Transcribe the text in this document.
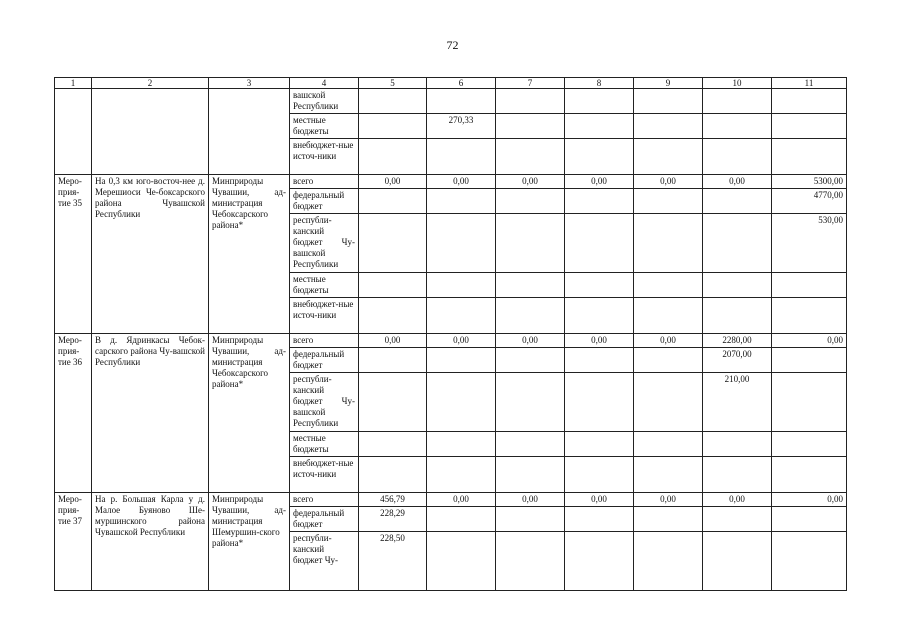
72
1	2	3	4	5	6	7	8	9	10	11
			вашской Республики							
			местные бюджеты		270,33					
			внебюджет-ные источ-ники							
Меро-прия-тие 35	На 0,3 км юго-восточ-нее д. Мерешиоси Че-боксарского района Чувашской Республики	Минприроды Чувашии, ад-министрация Чебоксарского района*	всего	0,00	0,00	0,00	0,00	0,00	0,00	5300,00
			федеральный бюджет							4770,00
			республи-канский бюджет Чу-вашской Республики							530,00
			местные бюджеты							
			внебюджет-ные источ-ники							
Меро-прия-тие 36	В д. Ядринкасы Чебок-сарского района Чу-вашской Республики	Минприроды Чувашии, ад-министрация Чебоксарского района*	всего	0,00	0,00	0,00	0,00	0,00	2280,00	0,00
			федеральный бюджет						2070,00	
			республи-канский бюджет Чу-вашской Республики						210,00	
			местные бюджеты							
			внебюджет-ные источ-ники							
Меро-прия-тие 37	На р. Большая Карла у д. Малое Буяново Ше-муршинского района Чувашской Республики	Минприроды Чувашии, ад-министрация Шемуршин-ского района*	всего	456,79	0,00	0,00	0,00	0,00	0,00	0,00
			федеральный бюджет	228,29						
			республи-канский бюджет Чу-	228,50						
